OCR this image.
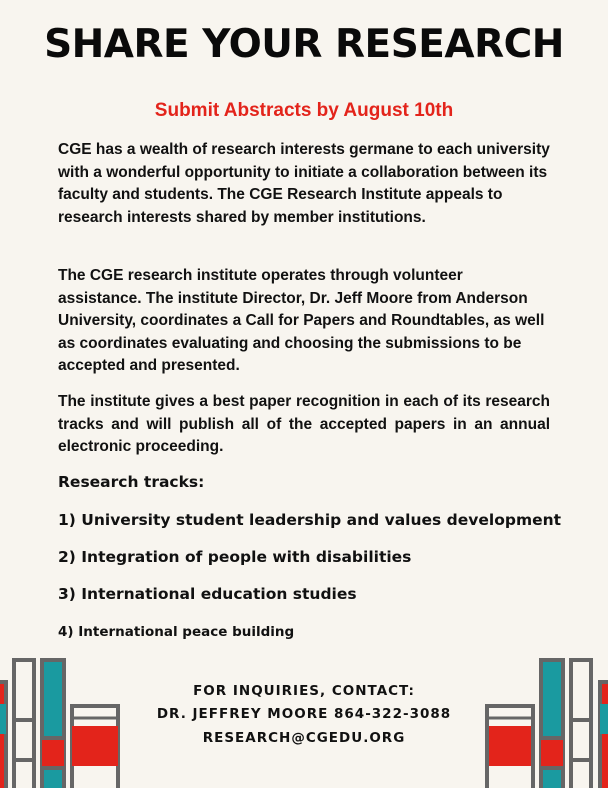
SHARE YOUR RESEARCH
Submit Abstracts by August 10th

CGE has a wealth of research interests germane to each university with a wonderful opportunity to initiate a collaboration between its faculty and students. The CGE Research Institute appeals to research interests shared by member institutions.

The CGE research institute operates through volunteer assistance. The institute Director, Dr. Jeff Moore from Anderson University, coordinates a Call for Papers and Roundtables, as well as coordinates evaluating and choosing the submissions to be accepted and presented.

The institute gives a best paper recognition in each of its research tracks and will publish all of the accepted papers in an annual electronic proceeding.

Research tracks:
1) University student leadership and values development
2) Integration of people with disabilities
3) International education studies
4) International peace building
FOR INQUIRIES, CONTACT:
DR. JEFFREY MOORE 864-322-3088
RESEARCH@CGEDU.ORG
